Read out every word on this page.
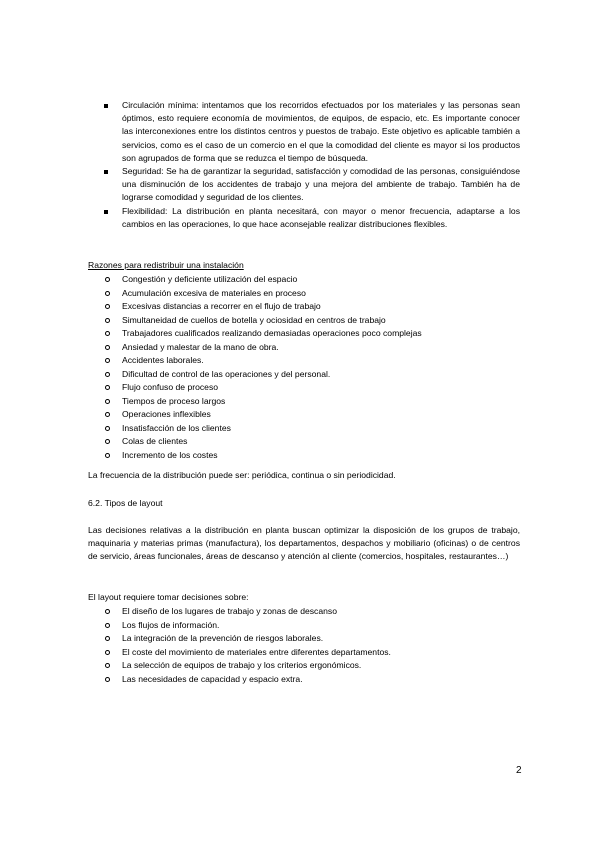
Circulación mínima: intentamos que los recorridos efectuados por los materiales y las personas sean óptimos, esto requiere economía de movimientos, de equipos, de espacio, etc. Es importante conocer las interconexiones entre los distintos centros y puestos de trabajo. Este objetivo es aplicable también a servicios, como es el caso de un comercio en el que la comodidad del cliente es mayor si los productos son agrupados de forma que se reduzca el tiempo de búsqueda.
Seguridad: Se ha de garantizar la seguridad, satisfacción y comodidad de las personas, consiguiéndose una disminución de los accidentes de trabajo y una mejora del ambiente de trabajo. También ha de lograrse comodidad y seguridad de los clientes.
Flexibilidad: La distribución en planta necesitará, con mayor o menor frecuencia, adaptarse a los cambios en las operaciones, lo que hace aconsejable realizar distribuciones flexibles.

Razones para redistribuir una instalación

Congestión y deficiente utilización del espacio
Acumulación excesiva de materiales en proceso
Excesivas distancias a recorrer en el flujo de trabajo
Simultaneidad de cuellos de botella y ociosidad en centros de trabajo
Trabajadores cualificados realizando demasiadas operaciones poco complejas
Ansiedad y malestar de la mano de obra.
Accidentes laborales.
Dificultad de control de las operaciones y del personal.
Flujo confuso de proceso
Tiempos de proceso largos
Operaciones inflexibles
Insatisfacción de los clientes
Colas de clientes
Incremento de los costes

La frecuencia de la distribución puede ser: periódica, continua o sin periodicidad.

6.2. Tipos de layout

Las decisiones relativas a la distribución en planta buscan optimizar la disposición de los grupos de trabajo, maquinaria y materias primas (manufactura), los departamentos, despachos y mobiliario (oficinas) o de centros de servicio, áreas funcionales, áreas de descanso y atención al cliente (comercios, hospitales, restaurantes…)

El layout requiere tomar decisiones sobre:

El diseño de los lugares de trabajo y zonas de descanso
Los flujos de información.
La integración de la prevención de riesgos laborales.
El coste del movimiento de materiales entre diferentes departamentos.
La selección de equipos de trabajo y los criterios ergonómicos.
Las necesidades de capacidad y espacio extra.
2
